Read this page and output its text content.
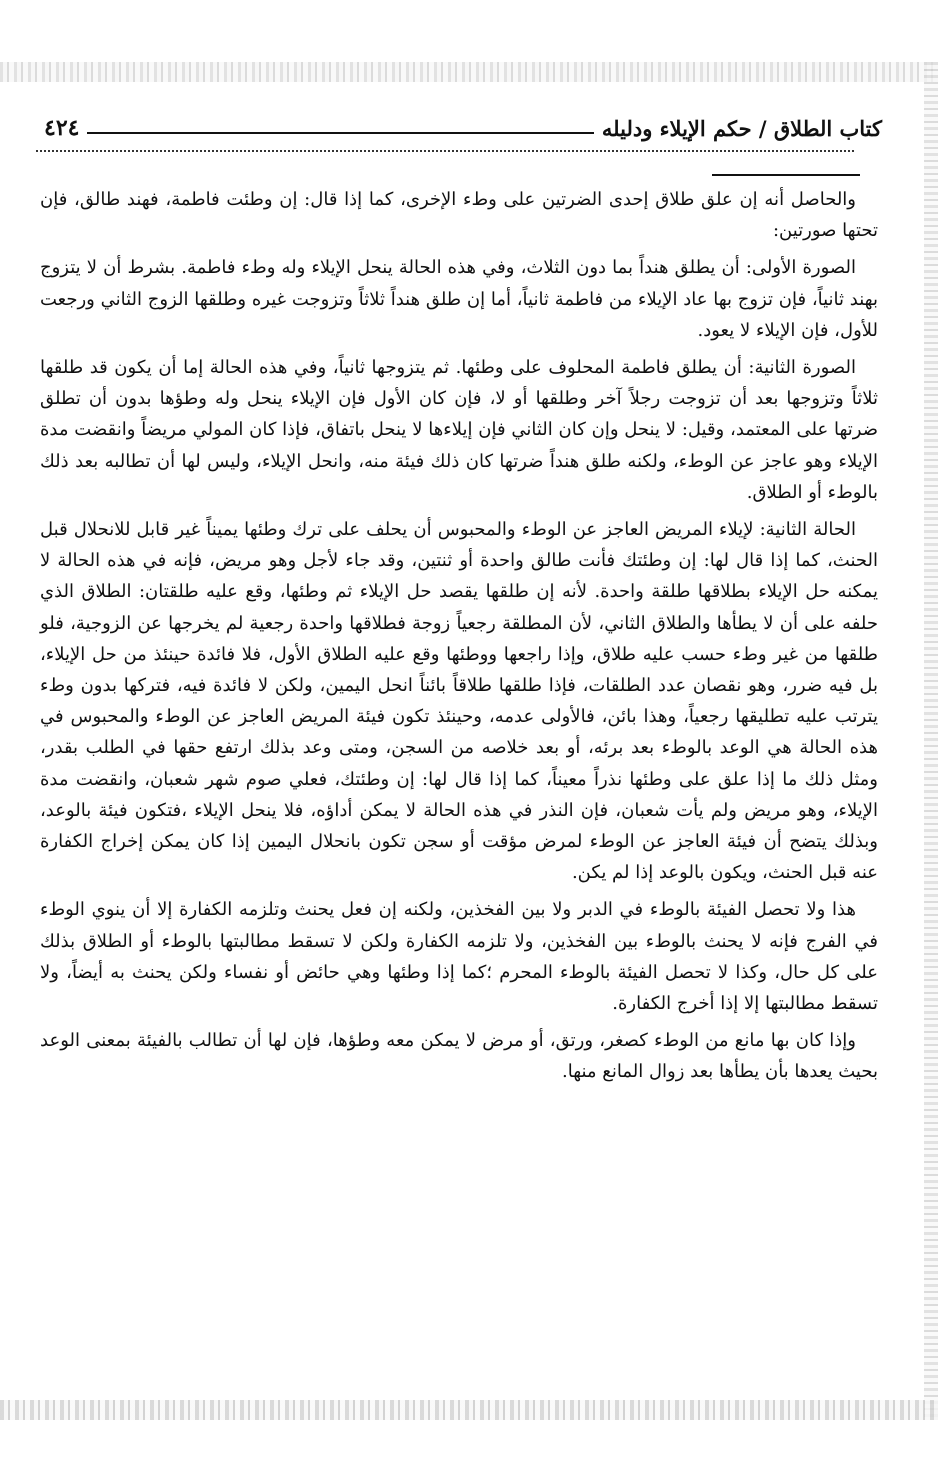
٤٢٤	كتاب الطلاق / حكم الإيلاء ودليله

والحاصل أنه إن علق طلاق إحدى الضرتين على وطء الإخرى، كما إذا قال: إن وطئت فاطمة، فهند طالق، فإن تحتها صورتين:

الصورة الأولى: أن يطلق هنداً بما دون الثلاث، وفي هذه الحالة ينحل الإيلاء وله وطء فاطمة. بشرط أن لا يتزوج بهند ثانياً، فإن تزوج بها عاد الإيلاء من فاطمة ثانياً، أما إن طلق هنداً ثلاثاً وتزوجت غيره وطلقها الزوج الثاني ورجعت للأول، فإن الإيلاء لا يعود.

الصورة الثانية: أن يطلق فاطمة المحلوف على وطئها. ثم يتزوجها ثانياً، وفي هذه الحالة إما أن يكون قد طلقها ثلاثاً وتزوجها بعد أن تزوجت رجلاً آخر وطلقها أو لا، فإن كان الأول فإن الإيلاء ينحل وله وطؤها بدون أن تطلق ضرتها على المعتمد، وقيل: لا ينحل وإن كان الثاني فإن إيلاءها لا ينحل باتفاق، فإذا كان المولي مريضاً وانقضت مدة الإيلاء وهو عاجز عن الوطء، ولكنه طلق هنداً ضرتها كان ذلك فيئة منه، وانحل الإيلاء، وليس لها أن تطالبه بعد ذلك بالوطء أو الطلاق.

الحالة الثانية: لإيلاء المريض العاجز عن الوطء والمحبوس أن يحلف على ترك وطئها يميناً غير قابل للانحلال قبل الحنث، كما إذا قال لها: إن وطئتك فأنت طالق واحدة أو ثنتين، وقد جاء لأجل وهو مريض، فإنه في هذه الحالة لا يمكنه حل الإيلاء بطلاقها طلقة واحدة. لأنه إن طلقها يقصد حل الإيلاء ثم وطئها، وقع عليه طلقتان: الطلاق الذي حلفه على أن لا يطأها والطلاق الثاني، لأن المطلقة رجعياً زوجة فطلاقها واحدة رجعية لم يخرجها عن الزوجية، فلو طلقها من غير وطء حسب عليه طلاق، وإذا راجعها ووطئها وقع عليه الطلاق الأول، فلا فائدة حينئذ من حل الإيلاء، بل فيه ضرر، وهو نقصان عدد الطلقات، فإذا طلقها طلاقاً بائناً انحل اليمين، ولكن لا فائدة فيه، فتركها بدون وطء يترتب عليه تطليقها رجعياً، وهذا بائن، فالأولى عدمه، وحينئذ تكون فيئة المريض العاجز عن الوطء والمحبوس في هذه الحالة هي الوعد بالوطء بعد برئه، أو بعد خلاصه من السجن، ومتى وعد بذلك ارتفع حقها في الطلب بقدر، ومثل ذلك ما إذا علق على وطئها نذراً معيناً، كما إذا قال لها: إن وطئتك، فعلي صوم شهر شعبان، وانقضت مدة الإيلاء، وهو مريض ولم يأت شعبان، فإن النذر في هذه الحالة لا يمكن أداؤه، فلا ينحل الإيلاء ،فتكون فيئة بالوعد، وبذلك يتضح أن فيئة العاجز عن الوطء لمرض مؤقت أو سجن تكون بانحلال اليمين إذا كان يمكن إخراج الكفارة عنه قبل الحنث، ويكون بالوعد إذا لم يكن.

هذا ولا تحصل الفيئة بالوطء في الدبر ولا بين الفخذين، ولكنه إن فعل يحنث وتلزمه الكفارة إلا أن ينوي الوطء في الفرج فإنه لا يحنث بالوطء بين الفخذين، ولا تلزمه الكفارة ولكن لا تسقط مطالبتها بالوطء أو الطلاق بذلك على كل حال، وكذا لا تحصل الفيئة بالوطء المحرم ؛كما إذا وطئها وهي حائض أو نفساء ولكن يحنث به أيضاً، ولا تسقط مطالبتها إلا إذا أخرج الكفارة.

وإذا كان بها مانع من الوطء كصغر، ورتق، أو مرض لا يمكن معه وطؤها، فإن لها أن تطالب بالفيئة بمعنى الوعد بحيث يعدها بأن يطأها بعد زوال المانع منها.
